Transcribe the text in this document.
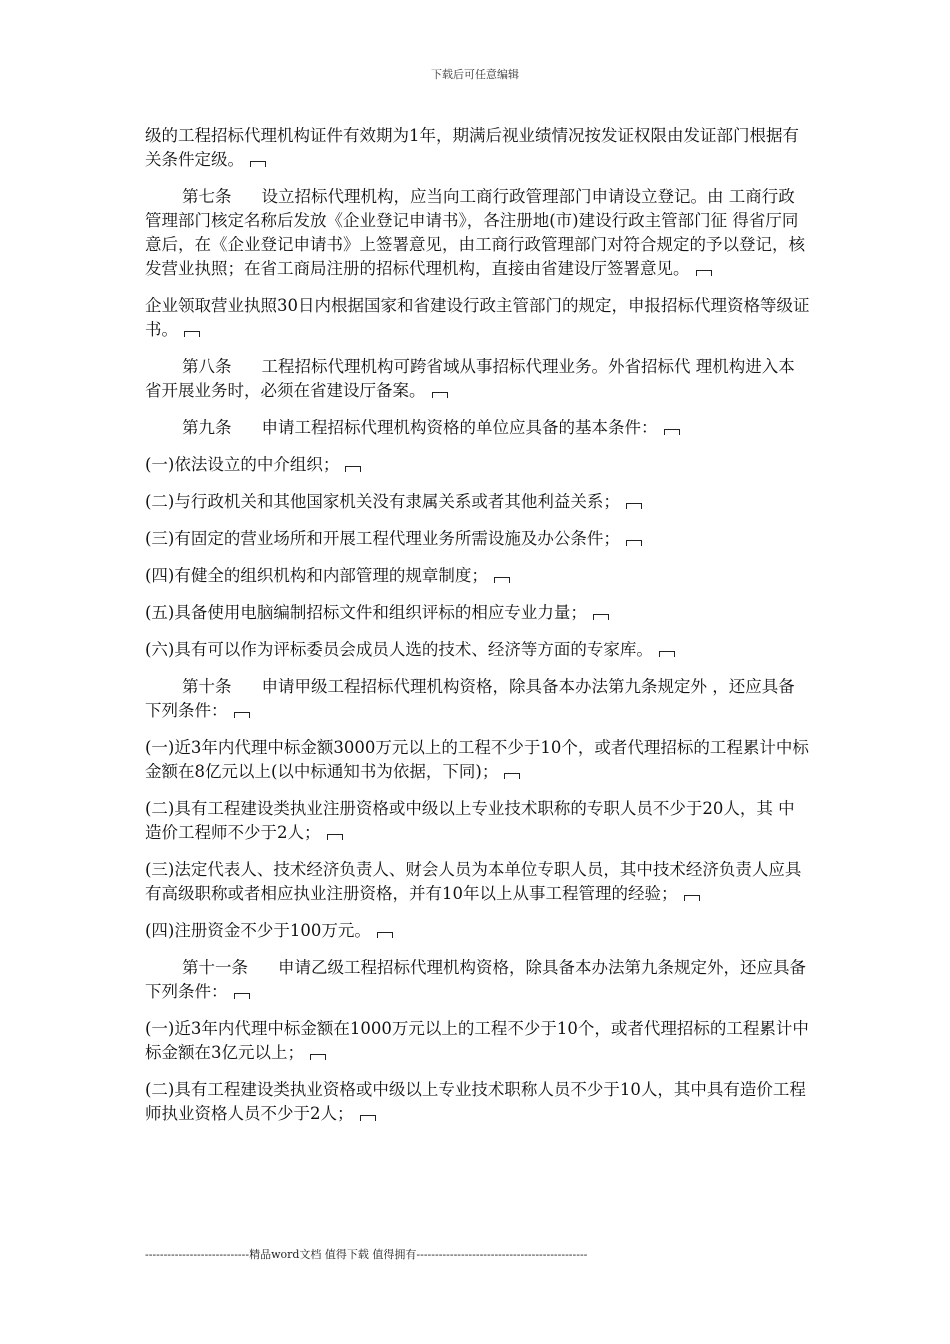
下载后可任意编辑

级的工程招标代理机构证件有效期为1年，期满后视业绩情况按发证权限由发证部门根据有关条件定级。

第七条 设立招标代理机构，应当向工商行政管理部门申请设立登记。由 工商行政管理部门核定名称后发放《企业登记申请书》，各注册地(市)建设行政主管部门征 得省厅同意后，在《企业登记申请书》上签署意见，由工商行政管理部门对符合规定的予以登记，核发营业执照；在省工商局注册的招标代理机构，直接由省建设厅签署意见。

企业领取营业执照30日内根据国家和省建设行政主管部门的规定，申报招标代理资格等级证 书。

第八条 工程招标代理机构可跨省域从事招标代理业务。外省招标代 理机构进入本省开展业务时，必须在省建设厅备案。

第九条 申请工程招标代理机构资格的单位应具备的基本条件：

(一)依法设立的中介组织；

(二)与行政机关和其他国家机关没有隶属关系或者其他利益关系；

(三)有固定的营业场所和开展工程代理业务所需设施及办公条件；

(四)有健全的组织机构和内部管理的规章制度；

(五)具备使用电脑编制招标文件和组织评标的相应专业力量；

(六)具有可以作为评标委员会成员人选的技术、经济等方面的专家库。

第十条 申请甲级工程招标代理机构资格，除具备本办法第九条规定外 ，还应具备下列条件：

(一)近3年内代理中标金额3000万元以上的工程不少于10个，或者代理招标的工程累计中标 金额在8亿元以上(以中标通知书为依据，下同)；

(二)具有工程建设类执业注册资格或中级以上专业技术职称的专职人员不少于20人，其 中造价工程师不少于2人；

(三)法定代表人、技术经济负责人、财会人员为本单位专职人员，其中技术经济负责人应具有高级职称或者相应执业注册资格，并有10年以上从事工程管理的经验；

(四)注册资金不少于100万元。

第十一条 申请乙级工程招标代理机构资格，除具备本办法第九条规定外，还应具备下列条件：

(一)近3年内代理中标金额在1000万元以上的工程不少于10个，或者代理招标的工程累计中 标金额在3亿元以上；

(二)具有工程建设类执业资格或中级以上专业技术职称人员不少于10人，其中具有造价工程 师执业资格人员不少于2人；

----------------------------精品word文档 值得下载 值得拥有----------------------------------------------
